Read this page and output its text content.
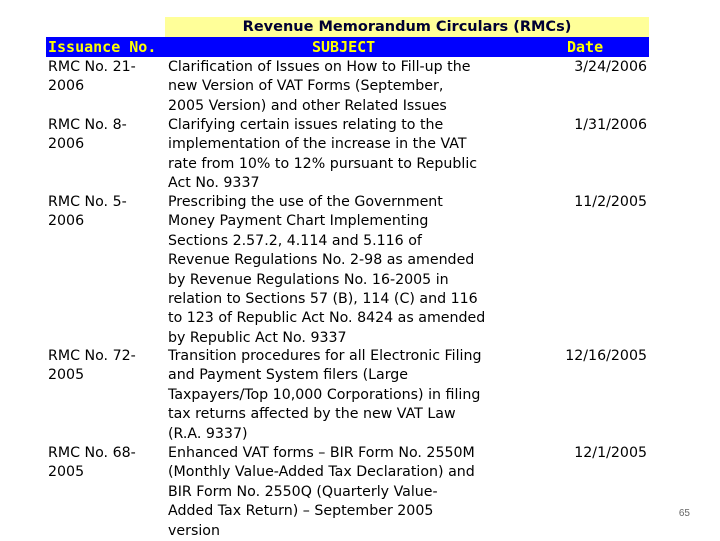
Revenue Memorandum Circulars (RMCs)
Issuance No.	SUBJECT	Date
RMC No. 21-
2006
Clarification of Issues on How to Fill-up the
new Version of VAT Forms (September,
2005 Version) and other Related Issues
3/24/2006
RMC No. 8-
2006
Clarifying certain issues relating to the
implementation of the increase in the VAT
rate from 10% to 12% pursuant to Republic
Act No. 9337
1/31/2006
RMC No. 5-
2006
Prescribing the use of the Government
Money Payment Chart Implementing
Sections 2.57.2, 4.114 and 5.116 of
Revenue Regulations No. 2-98 as amended
by Revenue Regulations No. 16-2005 in
relation to Sections 57 (B), 114 (C) and 116
to 123 of Republic Act No. 8424 as amended
by Republic Act No. 9337
11/2/2005
RMC No. 72-
2005
Transition procedures for all Electronic Filing
and Payment System filers (Large
Taxpayers/Top 10,000 Corporations) in filing
tax returns affected by the new VAT Law
(R.A. 9337)
12/16/2005
RMC No. 68-
2005
Enhanced VAT forms – BIR Form No. 2550M
(Monthly Value-Added Tax Declaration) and
BIR Form No. 2550Q (Quarterly Value-
Added Tax Return) – September 2005
version
12/1/2005
65
